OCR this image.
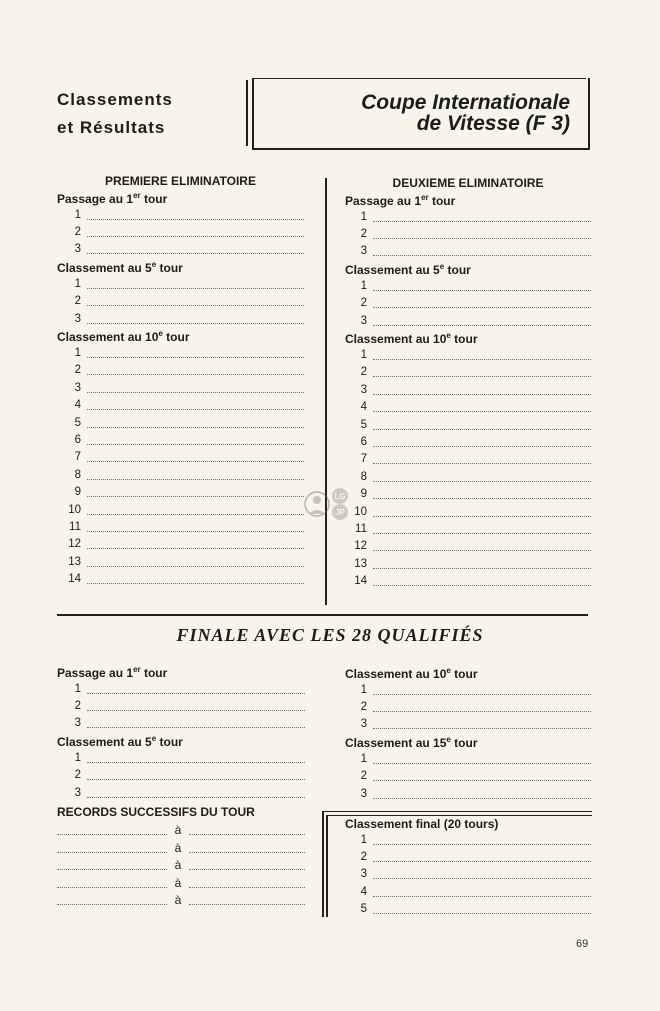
Classements
et Résultats
Coupe Internationale
de Vitesse (F 3)
PREMIERE ELIMINATOIRE
Passage au 1er tour
1
2
3
Classement au 5e tour
1
2
3
Classement au 10e tour
1
2
3
4
5
6
7
8
9
10
11
12
13
14
DEUXIEME ELIMINATOIRE
Passage au 1er tour
1
2
3
Classement au 5e tour
1
2
3
Classement au 10e tour
1
2
3
4
5
6
7
8
9
10
11
12
13
14
LG
JP
FINALE AVEC LES 28 QUALIFIÉS
Passage au 1er tour
1
2
3
Classement au 5e tour
1
2
3
RECORDS SUCCESSIFS DU TOUR
à
à
à
à
à
Classement au 10e tour
1
2
3
Classement au 15e tour
1
2
3
Classement final (20 tours)
1
2
3
4
5
69
